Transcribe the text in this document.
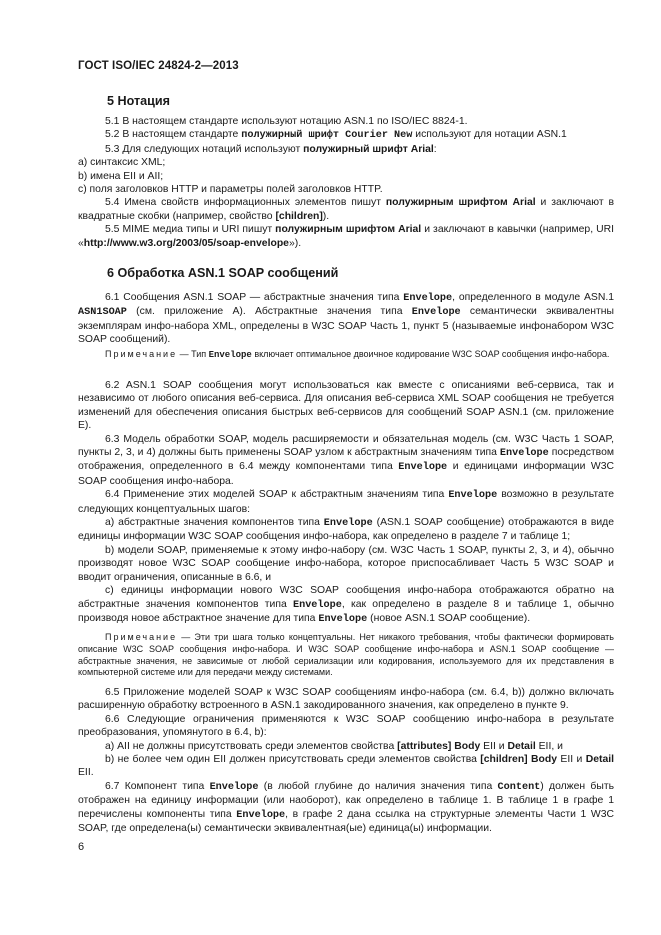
ГОСТ ISO/IEC 24824-2—2013
5 Нотация

5.1 В настоящем стандарте используют нотацию ASN.1 по ISO/IEC 8824-1.

5.2 В настоящем стандарте полужирный шрифт Courier New используют для нотации ASN.1

5.3 Для следующих нотаций используют полужирный шрифт Arial:

а) синтаксис XML;

b) имена EII и AII;

с) поля заголовков HTTP и параметры полей заголовков HTTP.

5.4 Имена свойств информационных элементов пишут полужирным шрифтом Arial и заключают в квадратные скобки (например, свойство [children]).

5.5 MIME медиа типы и URI пишут полужирным шрифтом Arial и заключают в кавычки (например, URI «http://www.w3.org/2003/05/soap-envelope»).

6 Обработка ASN.1 SOAP сообщений

6.1 Сообщения ASN.1 SOAP — абстрактные значения типа Envelope, определенного в модуле ASN.1 ASN1SOAP (см. приложение А). Абстрактные значения типа Envelope семантически эквивалентны экземплярам инфо-набора XML, определены в W3C SOAP Часть 1, пункт 5 (называемые инфонабором W3C SOAP сообщений).

Примечание — Тип Envelope включает оптимальное двоичное кодирование W3C SOAP сообщения инфо-набора.

6.2 ASN.1 SOAP сообщения могут использоваться как вместе с описаниями веб-сервиса, так и независимо от любого описания веб-сервиса. Для описания веб-сервиса XML SOAP сообщения не требуется изменений для обеспечения описания быстрых веб-сервисов для сообщений SOAP ASN.1 (см. приложение Е).

6.3 Модель обработки SOAP, модель расширяемости и обязательная модель (см. W3C Часть 1 SOAP, пункты 2, 3, и 4) должны быть применены SOAP узлом к абстрактным значениям типа Envelope посредством отображения, определенного в 6.4 между компонентами типа Envelope и единицами информации W3C SOAP сообщения инфо-набора.

6.4 Применение этих моделей SOAP к абстрактным значениям типа Envelope возможно в результате следующих концептуальных шагов:

а) абстрактные значения компонентов типа Envelope (ASN.1 SOAP сообщение) отображаются в виде единицы информации W3C SOAP сообщения инфо-набора, как определено в разделе 7 и таблице 1;

b) модели SOAP, применяемые к этому инфо-набору (см. W3C Часть 1 SOAP, пункты 2, 3, и 4), обычно производят новое W3C SOAP сообщение инфо-набора, которое приспосабливает Часть 5 W3C SOAP и вводит ограничения, описанные в 6.6, и

с) единицы информации нового W3C SOAP сообщения инфо-набора отображаются обратно на абстрактные значения компонентов типа Envelope, как определено в разделе 8 и таблице 1, обычно производя новое абстрактное значение для типа Envelope (новое ASN.1 SOAP сообщение).

Примечание — Эти три шага только концептуальны. Нет никакого требования, чтобы фактически формировать описание W3C SOAP сообщения инфо-набора. И W3C SOAP сообщение инфо-набора и ASN.1 SOAP сообщение — абстрактные значения, не зависимые от любой сериализации или кодирования, используемого для их представления в компьютерной системе или для передачи между системами.

6.5 Приложение моделей SOAP к W3C SOAP сообщениям инфо-набора (см. 6.4, b)) должно включать расширенную обработку встроенного в ASN.1 закодированного значения, как определено в пункте 9.

6.6 Следующие ограничения применяются к W3C SOAP сообщению инфо-набора в результате преобразования, упомянутого в 6.4, b):

а) AII не должны присутствовать среди элементов свойства [attributes] Body EII и Detail EII, и

b) не более чем один EII должен присутствовать среди элементов свойства [children] Body EII и Detail EII.

6.7 Компонент типа Envelope (в любой глубине до наличия значения типа Content) должен быть отображен на единицу информации (или наоборот), как определено в таблице 1. В таблице 1 в графе 1 перечислены компоненты типа Envelope, в графе 2 дана ссылка на структурные элементы Части 1 W3C SOAP, где определена(ы) семантически эквивалентная(ые) единица(ы) информации.

6
